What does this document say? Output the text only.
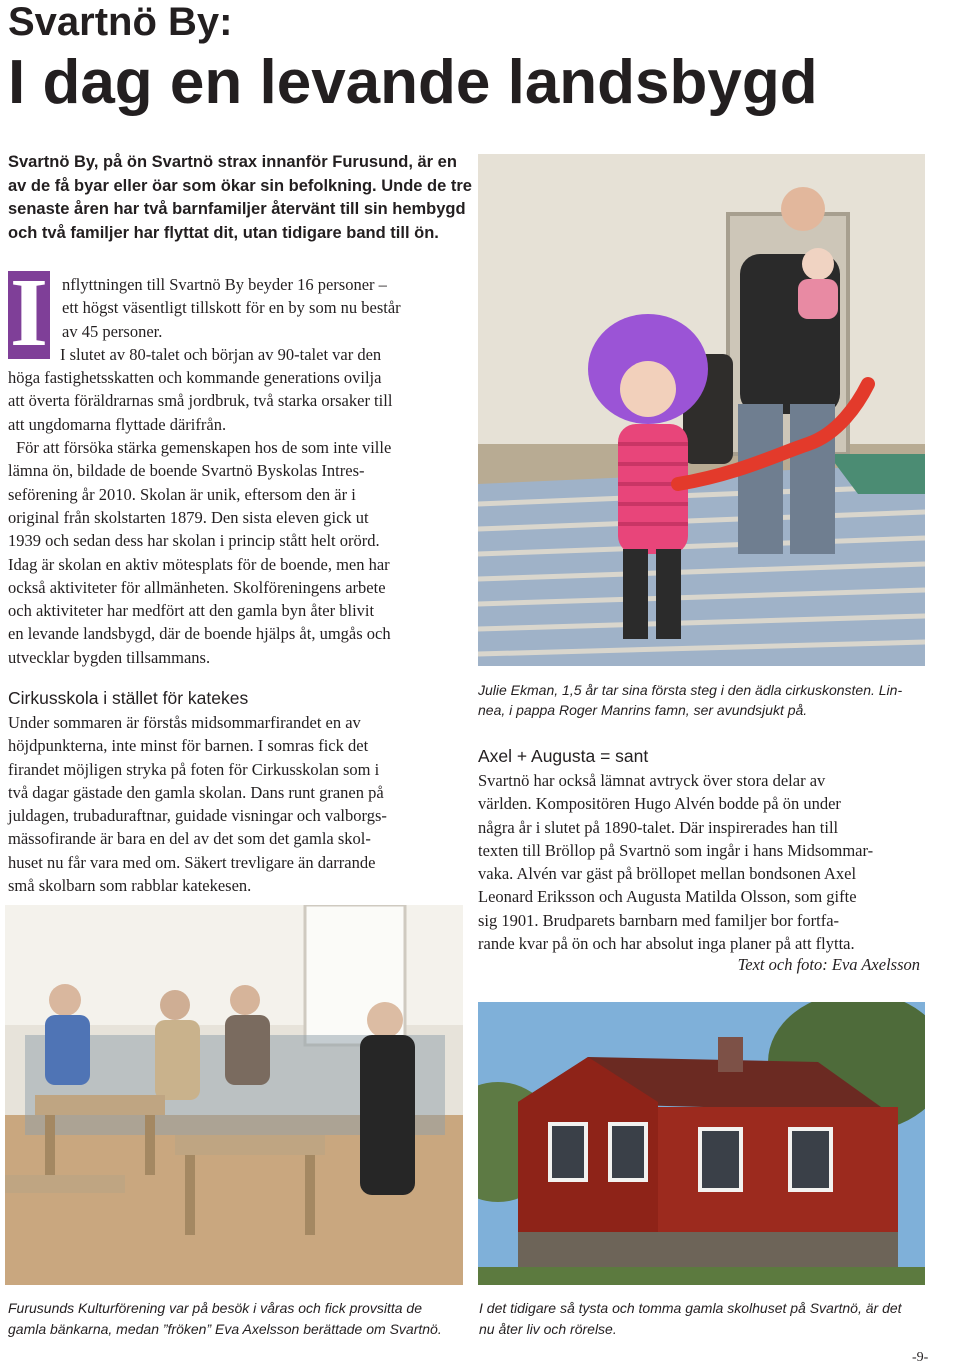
Svartnö By:
I dag en levande landsbygd
Svartnö By, på ön Svartnö strax innanför Furusund, är en
av de få byar eller öar som ökar sin befolkning. Unde de tre
senaste åren har två barnfamiljer återvänt till sin hembygd
och två familjer har flyttat dit, utan tidigare band till ön.
I nflyttningen till Svartnö By beyder 16 personer –
ett högst väsentligt tillskott för en by som nu består
av 45 personer.
I slutet av 80-talet och början av 90-talet var den
höga fastighetsskatten och kommande generations ovilja
att överta föräldrarnas små jordbruk, två starka orsaker till
att ungdomarna flyttade därifrån.
För att försöka stärka gemenskapen hos de som inte ville
lämna ön, bildade de boende Svartnö Byskolas Intres-
seförening år 2010. Skolan är unik, eftersom den är i
original från skolstarten 1879. Den sista eleven gick ut
1939 och sedan dess har skolan i princip stått helt orörd.
Idag är skolan en aktiv mötesplats för de boende, men har
också aktiviteter för allmänheten. Skolföreningens arbete
och aktiviteter har medfört att den gamla byn åter blivit
en levande landsbygd, där de boende hjälps åt, umgås och
utvecklar bygden tillsammans.
Cirkusskola i stället för katekes
Under sommaren är förstås midsommarfirandet en av
höjdpunkterna, inte minst för barnen. I somras fick det
firandet möjligen stryka på foten för Cirkusskolan som i
två dagar gästade den gamla skolan. Dans runt granen på
juldagen, trubaduraftnar, guidade visningar och valborgs-
mässofirande är bara en del av det som det gamla skol-
huset nu får vara med om. Säkert trevligare än darrande
små skolbarn som rabblar katekesen.
Julie Ekman, 1,5 år tar sina första steg i den ädla cirkuskonsten. Lin-
nea, i pappa Roger Manrins famn, ser avundsjukt på.
Axel + Augusta = sant
Svartnö har också lämnat avtryck över stora delar av
världen. Kompositören Hugo Alvén bodde på ön under
några år i slutet på 1890-talet. Där inspirerades han till
texten till Bröllop på Svartnö som ingår i hans Midsommar-
vaka. Alvén var gäst på bröllopet mellan bondsonen Axel
Leonard Eriksson och Augusta Matilda Olsson, som gifte
sig 1901. Brudparets barnbarn med familjer bor fortfa-
rande kvar på ön och har absolut inga planer på att flytta.
Text och foto: Eva Axelsson
Furusunds Kulturförening var på besök i våras och fick provsitta de
gamla bänkarna, medan ”fröken” Eva Axelsson berättade om Svartnö.
I det tidigare så tysta och tomma gamla skolhuset på Svartnö, är det
nu åter liv och rörelse.
-9-
